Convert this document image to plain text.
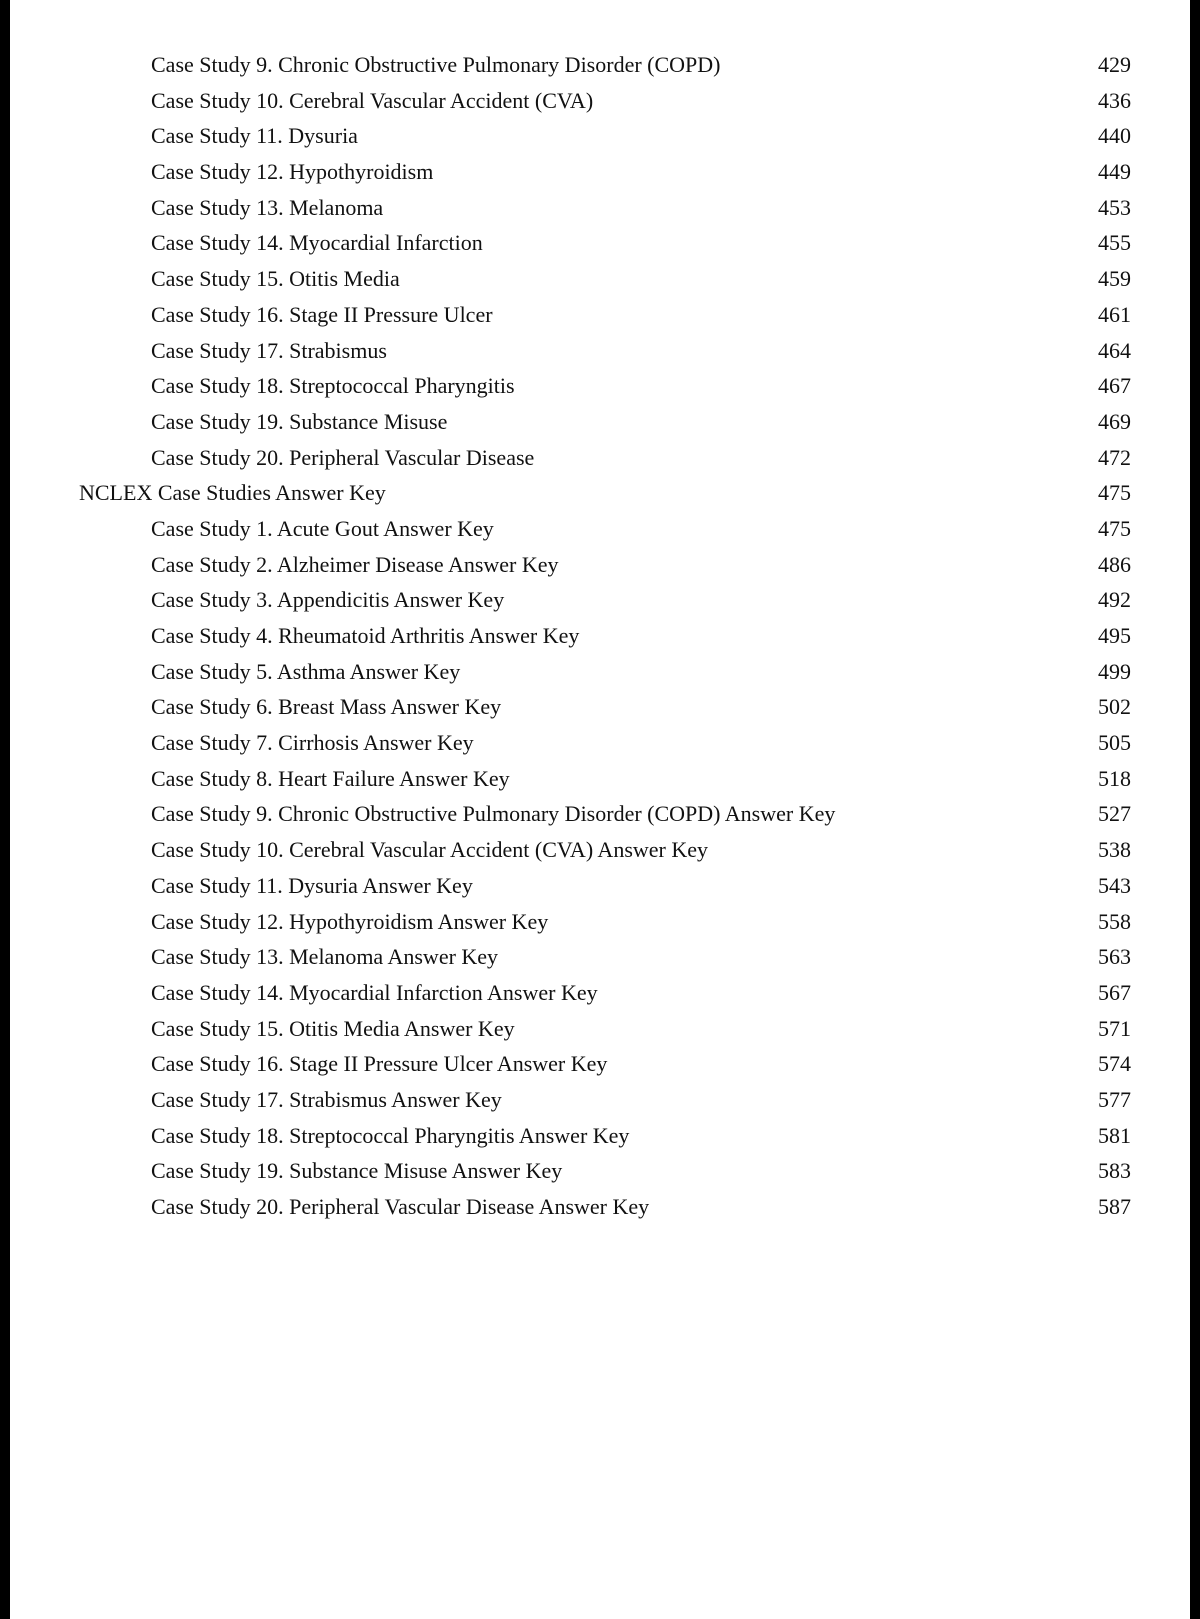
Case Study 9. Chronic Obstructive Pulmonary Disorder (COPD)	429
Case Study 10. Cerebral Vascular Accident (CVA)	436
Case Study 11. Dysuria	440
Case Study 12. Hypothyroidism	449
Case Study 13. Melanoma	453
Case Study 14. Myocardial Infarction	455
Case Study 15. Otitis Media	459
Case Study 16. Stage II Pressure Ulcer	461
Case Study 17. Strabismus	464
Case Study 18. Streptococcal Pharyngitis	467
Case Study 19. Substance Misuse	469
Case Study 20. Peripheral Vascular Disease	472
NCLEX Case Studies Answer Key	475
Case Study 1. Acute Gout Answer Key	475
Case Study 2. Alzheimer Disease Answer Key	486
Case Study 3. Appendicitis Answer Key	492
Case Study 4. Rheumatoid Arthritis Answer Key	495
Case Study 5. Asthma Answer Key	499
Case Study 6. Breast Mass Answer Key	502
Case Study 7. Cirrhosis Answer Key	505
Case Study 8. Heart Failure Answer Key	518
Case Study 9. Chronic Obstructive Pulmonary Disorder (COPD) Answer Key	527
Case Study 10. Cerebral Vascular Accident (CVA) Answer Key	538
Case Study 11. Dysuria Answer Key	543
Case Study 12. Hypothyroidism Answer Key	558
Case Study 13. Melanoma Answer Key	563
Case Study 14. Myocardial Infarction Answer Key	567
Case Study 15. Otitis Media Answer Key	571
Case Study 16. Stage II Pressure Ulcer Answer Key	574
Case Study 17. Strabismus Answer Key	577
Case Study 18. Streptococcal Pharyngitis Answer Key	581
Case Study 19. Substance Misuse Answer Key	583
Case Study 20. Peripheral Vascular Disease Answer Key	587
